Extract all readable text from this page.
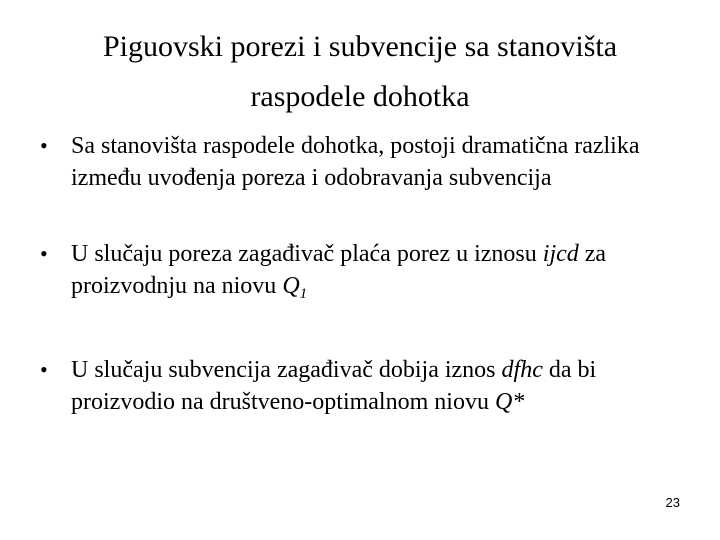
Piguovski porezi i subvencije sa stanovišta
raspodele dohotka
• Sa stanovišta raspodele dohotka, postoji dramatična razlika između uvođenja poreza i odobravanja subvencija
• U slučaju poreza zagađivač plaća porez u iznosu ijcd za proizvodnju na niovu $Q_1$
• U slučaju subvencija zagađivač dobija iznos dfhc da bi proizvodio na društveno-optimalnom niovu Q*
23
